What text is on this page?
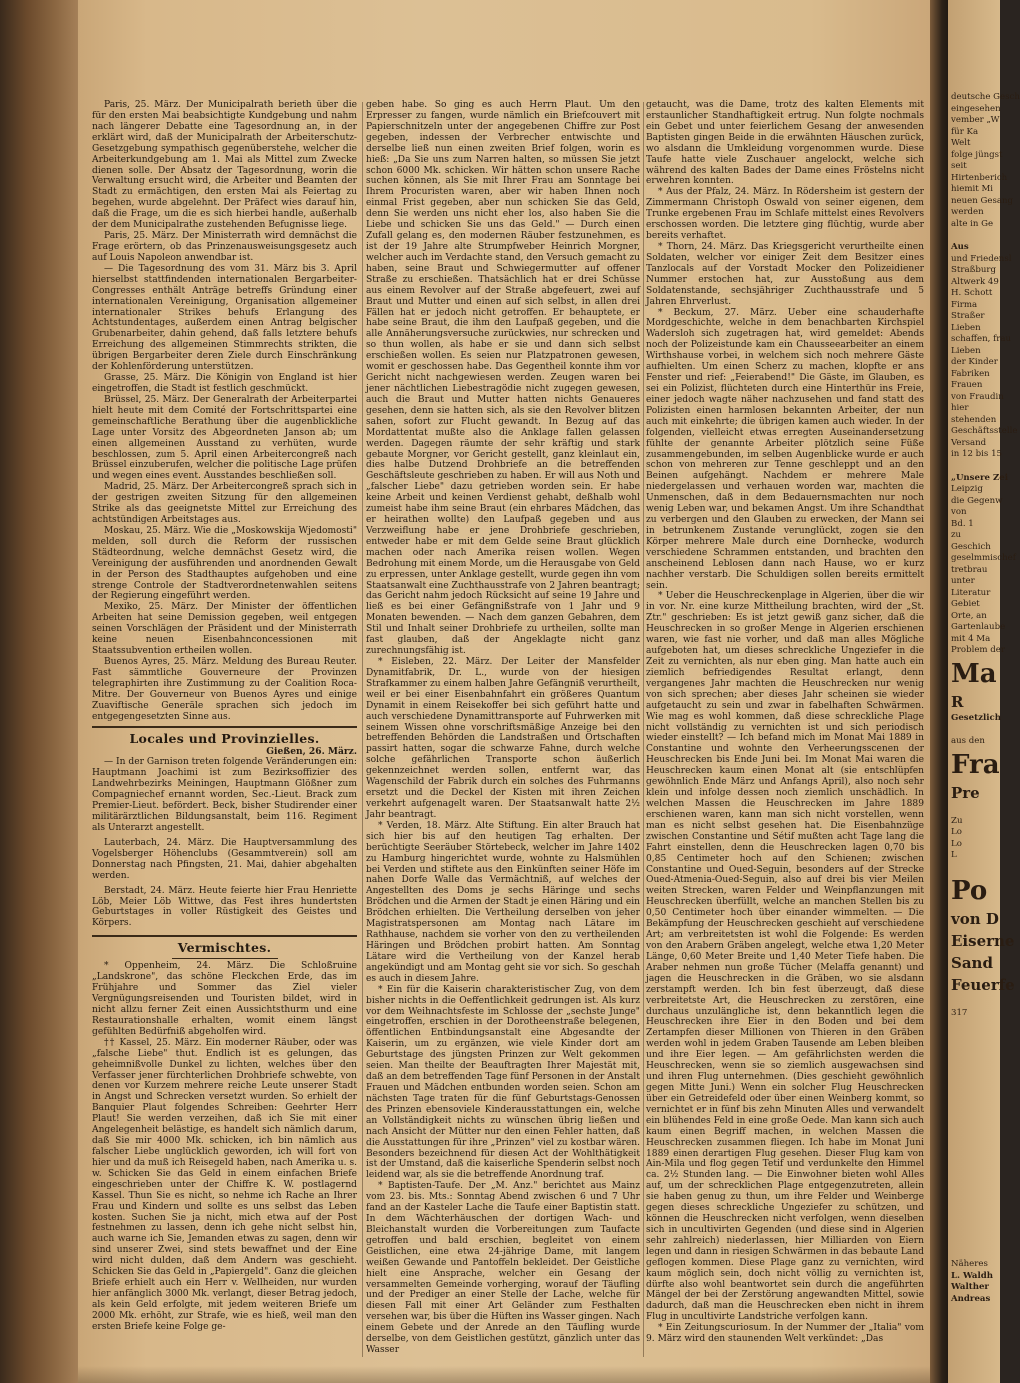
deutsche Gesch
eingesehen
vember „W
für Ka
Welt
folge jüngst
seit
Hirtenberich
hiemit Mi
neuen Gesang
werden
alte in Ge
Aus
und Friedensl
Straßburg
Altwerk 49
H. Schott
Firma
Straßer
Lieben
schaffen, frau
Lieben
der Kinder
Fabriken
Frauen
von Fraudin
hier
stehenden
Geschäftsstelle
Versand
in 12 bis 15
„Unsere Zei
Leipzig
die Gegenw
von
Bd. 1
zu
Geschich
geselmmischef
tretbrau
unter
Literatur
Gebiet
Orte, an
Gartenlaube
mit 4 Ma
Problem der
Ma
R
Gesetzlich
aus den
Fra
Pre
Zu
Lo
Lo
L
Po
von D
Eiserne
Sand
Feuerfe
317
Näheres
L. Waldh
Walther
Andreas

Paris, 25. März. Der Municipalrath berieth über die für den ersten Mai beabsichtigte Kundgebung und nahm nach längerer Debatte eine Tagesordnung an, in der erklärt wird, daß der Municipalrath der Arbeiterschutz-Gesetzgebung sympathisch gegenüberstehe, welcher die Arbeiterkundgebung am 1. Mai als Mittel zum Zwecke dienen solle. Der Absatz der Tagesordnung, worin die Verwaltung ersucht wird, die Arbeiter und Beamten der Stadt zu ermächtigen, den ersten Mai als Feiertag zu begehen, wurde abgelehnt. Der Präfect wies darauf hin, daß die Frage, um die es sich hierbei handle, außerhalb der dem Municipalrathe zustehenden Befugnisse liege.

Paris, 25. März. Der Ministerrath wird demnächst die Frage erörtern, ob das Prinzenausweisungsgesetz auch auf Louis Napoleon anwendbar ist.

— Die Tagesordnung des vom 31. März bis 3. April hierselbst stattfindenden internationalen Bergarbeiter-Congresses enthält Anträge betreffs Gründung einer internationalen Vereinigung, Organisation allgemeiner internationaler Strikes behufs Erlangung des Achtstundentages, außerdem einen Antrag belgischer Grubenarbeiter, dahin gehend, daß falls letztere behufs Erreichung des allgemeinen Stimmrechts strikten, die übrigen Bergarbeiter deren Ziele durch Einschränkung der Kohlenförderung unterstützen.

Grasse, 25. März. Die Königin von England ist hier eingetroffen, die Stadt ist festlich geschmückt.

Brüssel, 25. März. Der Generalrath der Arbeiterpartei hielt heute mit dem Comité der Fortschrittspartei eine gemeinschaftliche Berathung über die augenblickliche Lage unter Vorsitz des Abgeordneten Janson ab; um einen allgemeinen Ausstand zu verhüten, wurde beschlossen, zum 5. April einen Arbeitercongreß nach Brüssel einzuberufen, welcher die politische Lage prüfen und wegen eines event. Ausstandes beschließen soll.

Madrid, 25. März. Der Arbeitercongreß sprach sich in der gestrigen zweiten Sitzung für den allgemeinen Strike als das geeignetste Mittel zur Erreichung des achtstündigen Arbeitstages aus.

Moskau, 25. März. Wie die „Moskowskija Wjedomosti" melden, soll durch die Reform der russischen Städteordnung, welche demnächst Gesetz wird, die Vereinigung der ausführenden und anordnenden Gewalt in der Person des Stadthauptes aufgehoben und eine strenge Controle der Stadtverordnetenwahlen seitens der Regierung eingeführt werden.

Mexiko, 25. März. Der Minister der öffentlichen Arbeiten hat seine Demission gegeben, weil entgegen seinen Vorschlägen der Präsident und der Ministerrath keine neuen Eisenbahnconcessionen mit Staatssubvention ertheilen wollen.

Buenos Ayres, 25. März. Meldung des Bureau Reuter. Fast sämmtliche Gouverneure der Provinzen telegraphirten ihre Zustimmung zu der Coalition Roca-Mitre. Der Gouverneur von Buenos Ayres und einige Zuaviftische Generäle sprachen sich jedoch im entgegengesetzten Sinne aus.

Locales und Provinzielles.
Gießen, 26. März.

— In der Garnison treten folgende Veränderungen ein: Hauptmann Joachimi ist zum Bezirksoffizier des Landwehrbezirks Meiningen, Hauptmann Glößner zum Compagniechef ernannt worden, Sec.-Lieut. Brack zum Premier-Lieut. befördert. Beck, bisher Studirender einer militärärztlichen Bildungsanstalt, beim 116. Regiment als Unterarzt angestellt.

Lauterbach, 24. März. Die Hauptversammlung des Vogelsberger Höhenclubs (Gesammtverein) soll am Donnerstag nach Pfingsten, 21. Mai, dahier abgehalten werden.

Berstadt, 24. März. Heute feierte hier Frau Henriette Löb, Meier Löb Wittwe, das Fest ihres hundertsten Geburtstages in voller Rüstigkeit des Geistes und Körpers.

Vermischtes.

* Oppenheim, 24. März. Die Schloßruine „Landskrone", das schöne Fleckchen Erde, das im Frühjahre und Sommer das Ziel vieler Vergnügungsreisenden und Touristen bildet, wird in nicht allzu ferner Zeit einen Aussichtsthurm und eine Restaurationshalle erhalten, womit einem längst gefühlten Bedürfniß abgeholfen wird.

†† Kassel, 25. März. Ein moderner Räuber, oder was „falsche Liebe" thut. Endlich ist es gelungen, das geheimnißvolle Dunkel zu lichten, welches über den Verfasser jener fürchterlichen Drohbriefe schwebte, von denen vor Kurzem mehrere reiche Leute unserer Stadt in Angst und Schrecken versetzt wurden. So erhielt der Banquier Plaut folgendes Schreiben: Geehrter Herr Plaut! Sie werden verzeihen, daß ich Sie mit einer Angelegenheit belästige, es handelt sich nämlich darum, daß Sie mir 4000 Mk. schicken, ich bin nämlich aus falscher Liebe unglücklich geworden, ich will fort von hier und da muß ich Reisegeld haben, nach Amerika u. s. w. Schicken Sie das Geld in einem einfachen Briefe eingeschrieben unter der Chiffre K. W. postlagernd Kassel. Thun Sie es nicht, so nehme ich Rache an Ihrer Frau und Kindern und sollte es uns selbst das Leben kosten. Suchen Sie ja nicht, mich etwa auf der Post festnehmen zu lassen, denn ich gehe nicht selbst hin, auch warne ich Sie, Jemanden etwas zu sagen, denn wir sind unserer Zwei, sind stets bewaffnet und der Eine wird nicht dulden, daß dem Andern was geschieht. Schicken Sie das Geld in „Papiergeld". Ganz die gleichen Briefe erhielt auch ein Herr v. Wellheiden, nur wurden hier anfänglich 3000 Mk. verlangt, dieser Betrag jedoch, als kein Geld erfolgte, mit jedem weiteren Briefe um 2000 Mk. erhöht, zur Strafe, wie es hieß, weil man den ersten Briefe keine Folge ge-

geben habe. So ging es auch Herrn Plaut. Um den Erpresser zu fangen, wurde nämlich ein Briefcouvert mit Papierschnitzeln unter der angegebenen Chiffre zur Post gegeben, indessen der Verbrecher entwischte und derselbe ließ nun einen zweiten Brief folgen, worin es hieß: „Da Sie uns zum Narren halten, so müssen Sie jetzt schon 6000 Mk. schicken. Wir hätten schon unsere Rache suchen können, als Sie mit Ihrer Frau am Sonntage bei Ihrem Procuristen waren, aber wir haben Ihnen noch einmal Frist gegeben, aber nun schicken Sie das Geld, denn Sie werden uns nicht eher los, also haben Sie die Liebe und schicken Sie uns das Geld." — Durch einen Zufall gelang es, den modernen Räuber festzunehmen, es ist der 19 Jahre alte Strumpfweber Heinrich Morgner, welcher auch im Verdachte stand, den Versuch gemacht zu haben, seine Braut und Schwiegermutter auf offener Straße zu erschießen. Thatsächlich hat er drei Schüsse aus einem Revolver auf der Straße abgefeuert, zwei auf Braut und Mutter und einen auf sich selbst, in allen drei Fällen hat er jedoch nicht getroffen. Er behauptete, er habe seine Braut, die ihm den Laufpaß gegeben, und die alle Annäherungsversuche zurückwies, nur schrecken und so thun wollen, als habe er sie und dann sich selbst erschießen wollen. Es seien nur Platzpatronen gewesen, womit er geschossen habe. Das Gegentheil konnte ihm vor Gericht nicht nachgewiesen werden. Zeugen waren bei jener nächtlichen Liebestragödie nicht zugegen gewesen, auch die Braut und Mutter hatten nichts Genaueres gesehen, denn sie hatten sich, als sie den Revolver blitzen sahen, sofort zur Flucht gewandt. In Bezug auf das Mordattentat mußte also die Anklage fallen gelassen werden. Dagegen räumte der sehr kräftig und stark gebaute Morgner, vor Gericht gestellt, ganz kleinlaut ein, dies halbe Dutzend Drohbriefe an die betreffenden Geschäftsleute geschrieben zu haben. Er will aus Noth und „falscher Liebe" dazu getrieben worden sein. Er habe keine Arbeit und keinen Verdienst gehabt, deßhalb wohl zumeist habe ihm seine Braut (ein ehrbares Mädchen, das er heirathen wollte) den Laufpaß gegeben und aus Verzweiflung habe er jene Drohbriefe geschrieben, entweder habe er mit dem Gelde seine Braut glücklich machen oder nach Amerika reisen wollen. Wegen Bedrohung mit einem Morde, um die Herausgabe von Geld zu erpressen, unter Anklage gestellt, wurde gegen ihn vom Staatsanwalt eine Zuchthausstrafe von 2 Jahren beantragt; das Gericht nahm jedoch Rücksicht auf seine 19 Jahre und ließ es bei einer Gefängnißstrafe von 1 Jahr und 9 Monaten bewenden. — Nach dem ganzen Gebahren, dem Stil und Inhalt seiner Drohbriefe zu urtheilen, sollte man fast glauben, daß der Angeklagte nicht ganz zurechnungsfähig ist.

* Eisleben, 22. März. Der Leiter der Mansfelder Dynamitfabrik, Dr. L., wurde von der hiesigen Strafkammer zu einem halben Jahre Gefängniß verurtheilt, weil er bei einer Eisenbahnfahrt ein größeres Quantum Dynamit in einem Reisekoffer bei sich geführt hatte und auch verschiedene Dynamittransporte auf Fuhrwerken mit seinem Wissen ohne vorschriftsmäßige Anzeige bei den betreffenden Behörden die Landstraßen und Ortschaften passirt hatten, sogar die schwarze Fahne, durch welche solche gefährlichen Transporte schon äußerlich gekennzeichnet werden sollen, entfernt war, das Wagenschild der Fabrik durch ein solches des Fuhrmanns ersetzt und die Deckel der Kisten mit ihren Zeichen verkehrt aufgenagelt waren. Der Staatsanwalt hatte 2½ Jahr beantragt.

* Verden, 18. März. Alte Stiftung. Ein alter Brauch hat sich hier bis auf den heutigen Tag erhalten. Der berüchtigte Seeräuber Störtebeck, welcher im Jahre 1402 zu Hamburg hingerichtet wurde, wohnte zu Halsmühlen bei Verden und stiftete aus den Einkünften seiner Höfe im nahen Dorfe Walle das Vermächtniß, auf welches der Angestellten des Doms je sechs Häringe und sechs Brödchen und die Armen der Stadt je einen Häring und ein Brödchen erhielten. Die Vertheilung derselben von jeher Magistratspersonen am Montag nach Lätare im Rathhause, nachdem sie vorher von den zu vertheilenden Häringen und Brödchen probirt hatten. Am Sonntag Lätare wird die Vertheilung von der Kanzel herab angekündigt und am Montag geht sie vor sich. So geschah es auch in diesem Jahre.

* Ein für die Kaiserin charakteristischer Zug, von dem bisher nichts in die Oeffentlichkeit gedrungen ist. Als kurz vor dem Weihnachtsfeste im Schlosse der „sechste Junge" eingetroffen, erschien in der Dorotheenstraße belegenen, öffentlichen Entbindungsanstalt eine Abgesandte der Kaiserin, um zu ergänzen, wie viele Kinder dort am Geburtstage des jüngsten Prinzen zur Welt gekommen seien. Man theilte der Beauftragten Ihrer Majestät mit, daß an dem betreffenden Tage fünf Personen in der Anstalt Frauen und Mädchen entbunden worden seien. Schon am nächsten Tage traten für die fünf Geburtstags-Genossen des Prinzen ebensoviele Kinderausstattungen ein, welche an Vollständigkeit nichts zu wünschen übrig ließen und nach Ansicht der Mütter nur den einen Fehler hatten, daß die Ausstattungen für ihre „Prinzen" viel zu kostbar wären. Besonders bezeichnend für diesen Act der Wohlthätigkeit ist der Umstand, daß die kaiserliche Spenderin selbst noch leidend war, als sie die betreffende Anordnung traf.

* Baptisten-Taufe. Der „M. Anz." berichtet aus Mainz vom 23. bis. Mts.: Sonntag Abend zwischen 6 und 7 Uhr fand an der Kasteler Lache die Taufe einer Baptistin statt. In dem Wächterhäuschen der dortigen Wach- und Bleichanstalt wurden die Vorbereitungen zum Taufacte getroffen und bald erschien, begleitet von einem Geistlichen, eine etwa 24-jährige Dame, mit langem weißen Gewande und Pantoffeln bekleidet. Der Geistliche hielt eine Ansprache, welcher ein Gesang der versammelten Gemeinde vorherging, worauf der Täufling und der Prediger an einer Stelle der Lache, welche für diesen Fall mit einer Art Geländer zum Festhalten versehen war, bis über die Hüften ins Wasser gingen. Nach einem Gebete und der Anrede an den Täufling wurde derselbe, von dem Geistlichen gestützt, gänzlich unter das Wasser

getaucht, was die Dame, trotz des kalten Elements mit erstaunlicher Standhaftigkeit ertrug. Nun folgte nochmals ein Gebet und unter feierlichem Gesang der anwesenden Baptisten gingen Beide in die erwähnten Häuschen zurück, wo alsdann die Umkleidung vorgenommen wurde. Diese Taufe hatte viele Zuschauer angelockt, welche sich während des kalten Bades der Dame eines Fröstelns nicht erwehren konnten.

* Aus der Pfalz, 24. März. In Rödersheim ist gestern der Zimmermann Christoph Oswald von seiner eigenen, dem Trunke ergebenen Frau im Schlafe mittelst eines Revolvers erschossen worden. Die letztere ging flüchtig, wurde aber bereits verhaftet.

* Thorn, 24. März. Das Kriegsgericht verurtheilte einen Soldaten, welcher vor einiger Zeit dem Besitzer eines Tanzlocals auf der Vorstadt Mocker den Polizeidiener Nummer erstochen hat, zur Ausstoßung aus dem Soldatenstande, sechsjähriger Zuchthausstrafe und 5 Jahren Ehrverlust.

* Beckum, 27. März. Ueber eine schauderhafte Mordgeschichte, welche in dem benachbarten Kirchspiel Wadersloh sich zugetragen hat, wird gemeldet: Abends noch der Polizeistunde kam ein Chausseearbeiter an einem Wirthshause vorbei, in welchem sich noch mehrere Gäste aufhielten. Um einen Scherz zu machen, klopfte er ans Fenster und rief: „Feierabend!" Die Gäste, im Glauben, es sei ein Polizist, flüchteten durch eine Hinterthür ins Freie, einer jedoch wagte näher nachzusehen und fand statt des Polizisten einen harmlosen bekannten Arbeiter, der nun auch mit einkehrte; die übrigen kamen auch wieder. In der folgenden, vielleicht etwas erregten Auseinandersetzung fühlte der genannte Arbeiter plötzlich seine Füße zusammengebunden, im selben Augenblicke wurde er auch schon von mehreren zur Tenne geschleppt und an den Beinen aufgehängt. Nachdem er mehrere Male niedergelassen und verhauen worden war, machten die Unmenschen, daß in dem Bedauernsmachten nur noch wenig Leben war, und bekamen Angst. Um ihre Schandthat zu verbergen und den Glauben zu erwecken, der Mann sei in betrunkenem Zustande verunglückt, zogen sie den Körper mehrere Male durch eine Dornhecke, wodurch verschiedene Schrammen entstanden, und brachten den anscheinend Leblosen dann nach Hause, wo er kurz nachher verstarb. Die Schuldigen sollen bereits ermittelt sein.

* Ueber die Heuschreckenplage in Algerien, über die wir in vor. Nr. eine kurze Mittheilung brachten, wird der „St. Ztr." geschrieben: Es ist jetzt gewiß ganz sicher, daß die Heuschrecken in so großer Menge in Algerien erschienen waren, wie fast nie vorher, und daß man alles Mögliche aufgeboten hat, um dieses schreckliche Ungeziefer in die Zeit zu vernichten, als nur eben ging. Man hatte auch ein ziemlich befriedigendes Resultat erlangt, denn vergangenes Jahr machten die Heuschrecken nur wenig von sich sprechen; aber dieses Jahr scheinen sie wieder aufgetaucht zu sein und zwar in fabelhaften Schwärmen. Wie mag es wohl kommen, daß diese schreckliche Plage nicht vollständig zu vernichten ist und sich periodisch wieder einstellt? — Ich befand mich im Monat Mai 1889 in Constantine und wohnte den Verheerungsscenen der Heuschrecken bis Ende Juni bei. Im Monat Mai waren die Heuschrecken kaum einen Monat alt (sie entschlüpfen gewöhnlich Ende März und Anfangs April), also noch sehr klein und infolge dessen noch ziemlich unschädlich. In welchen Massen die Heuschrecken im Jahre 1889 erschienen waren, kann man sich nicht vorstellen, wenn man es nicht selbst gesehen hat. Die Eisenbahnzüge zwischen Constantine und Sétif mußten acht Tage lang die Fahrt einstellen, denn die Heuschrecken lagen 0,70 bis 0,85 Centimeter hoch auf den Schienen; zwischen Constantine und Oued-Seguin, besonders auf der Strecke Oued-Atmenia-Oued-Seguin, also auf drei bis vier Meilen weiten Strecken, waren Felder und Weinpflanzungen mit Heuschrecken überfüllt, welche an manchen Stellen bis zu 0,50 Centimeter hoch über einander wimmelten. — Die Bekämpfung der Heuschrecken geschieht auf verschiedene Art; am verbreitetsten ist wohl die Folgende: Es werden von den Arabern Gräben angelegt, welche etwa 1,20 Meter Länge, 0,60 Meter Breite und 1,40 Meter Tiefe haben. Die Araber nehmen nun große Tücher (Melaffa genannt) und jagen die Heuschrecken in die Gräben, wo sie alsdann zerstampft werden. Ich bin fest überzeugt, daß diese verbreitetste Art, die Heuschrecken zu zerstören, eine durchaus unzulängliche ist, denn bekanntlich legen die Heuschrecken ihre Eier in den Boden und bei dem Zertampfen dieser Millionen von Thieren in den Gräben werden wohl in jedem Graben Tausende am Leben bleiben und ihre Eier legen. — Am gefährlichsten werden die Heuschrecken, wenn sie so ziemlich ausgewachsen sind und ihren Flug unternehmen. (Dies geschieht gewöhnlich gegen Mitte Juni.) Wenn ein solcher Flug Heuschrecken über ein Getreidefeld oder über einen Weinberg kommt, so vernichtet er in fünf bis zehn Minuten Alles und verwandelt ein blühendes Feld in eine große Oede. Man kann sich auch kaum einen Begriff machen, in welchen Massen die Heuschrecken zusammen fliegen. Ich habe im Monat Juni 1889 einen derartigen Flug gesehen. Dieser Flug kam von Ain-Mila und flog gegen Tetif und verdunkelte den Himmel ca. 2½ Stunden lang. — Die Einwohner bieten wohl Alles auf, um der schrecklichen Plage entgegenzutreten, allein sie haben genug zu thun, um ihre Felder und Weinberge gegen dieses schreckliche Ungeziefer zu schützen, und können die Heuschrecken nicht verfolgen, wenn dieselben sich in uncultivirten Gegenden (und diese sind in Algerien sehr zahlreich) niederlassen, hier Milliarden von Eiern legen und dann in riesigen Schwärmen in das bebaute Land geflogen kommen. Diese Plage ganz zu vernichten, wird kaum möglich sein, doch nicht völlig zu vernichten ist, dürfte also wohl beantwortet sein durch die angeführten Mängel der bei der Zerstörung angewandten Mittel, sowie dadurch, daß man die Heuschrecken eben nicht in ihrem Flug in uncultivirte Landstriche verfolgen kann.

* Ein Zeitungscuriosum. In der Nummer der „Italia" vom 9. März wird den staunenden Welt verkündet: „Das
